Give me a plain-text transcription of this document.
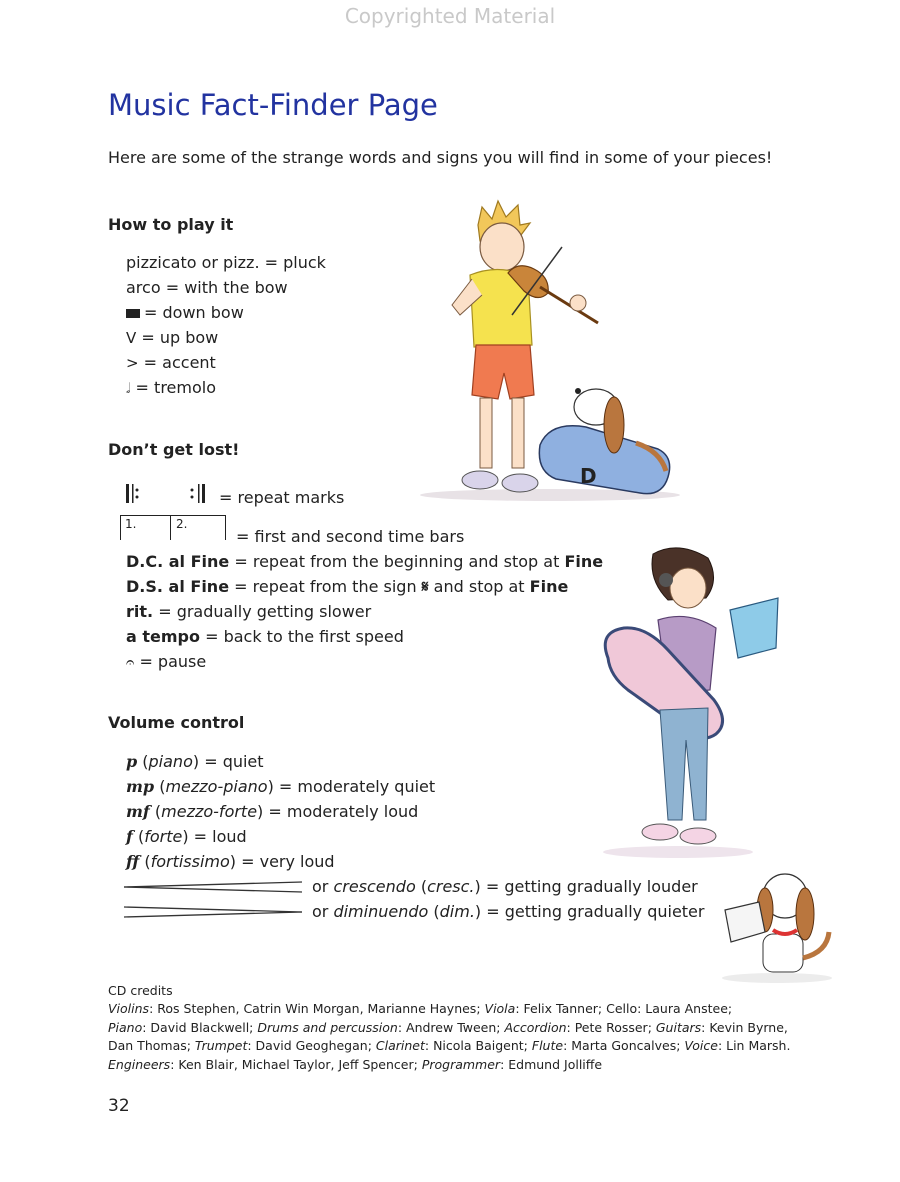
Copyrighted Material
Music Fact-Finder Page
Here are some of the strange words and signs you will find in some of your pieces!
How to play it
pizzicato or pizz. = pluck
arco = with the bow
= down bow
V = up bow
> = accent
𝅗𝅥 = tremolo
Don’t get lost!
= repeat marks
1.	2.
= first and second time bars
D.C. al Fine = repeat from the beginning and stop at Fine
D.S. al Fine = repeat from the sign 𝄋 and stop at Fine
rit. = gradually getting slower
a tempo = back to the first speed
𝄐 = pause
Volume control
p (piano) = quiet
mp (mezzo-piano) = moderately quiet
mf (mezzo-forte) = moderately loud
f (forte) = loud
ff (fortissimo) = very loud
or crescendo (cresc.) = getting gradually louder
or diminuendo (dim.) = getting gradually quieter
D
CD credits
Violins: Ros Stephen, Catrin Win Morgan, Marianne Haynes; Viola: Felix Tanner; Cello: Laura Anstee;
Piano: David Blackwell; Drums and percussion: Andrew Tween; Accordion: Pete Rosser; Guitars: Kevin Byrne,
Dan Thomas; Trumpet: David Geoghegan; Clarinet: Nicola Baigent; Flute: Marta Goncalves; Voice: Lin Marsh.
Engineers: Ken Blair, Michael Taylor, Jeff Spencer; Programmer: Edmund Jolliffe
32
